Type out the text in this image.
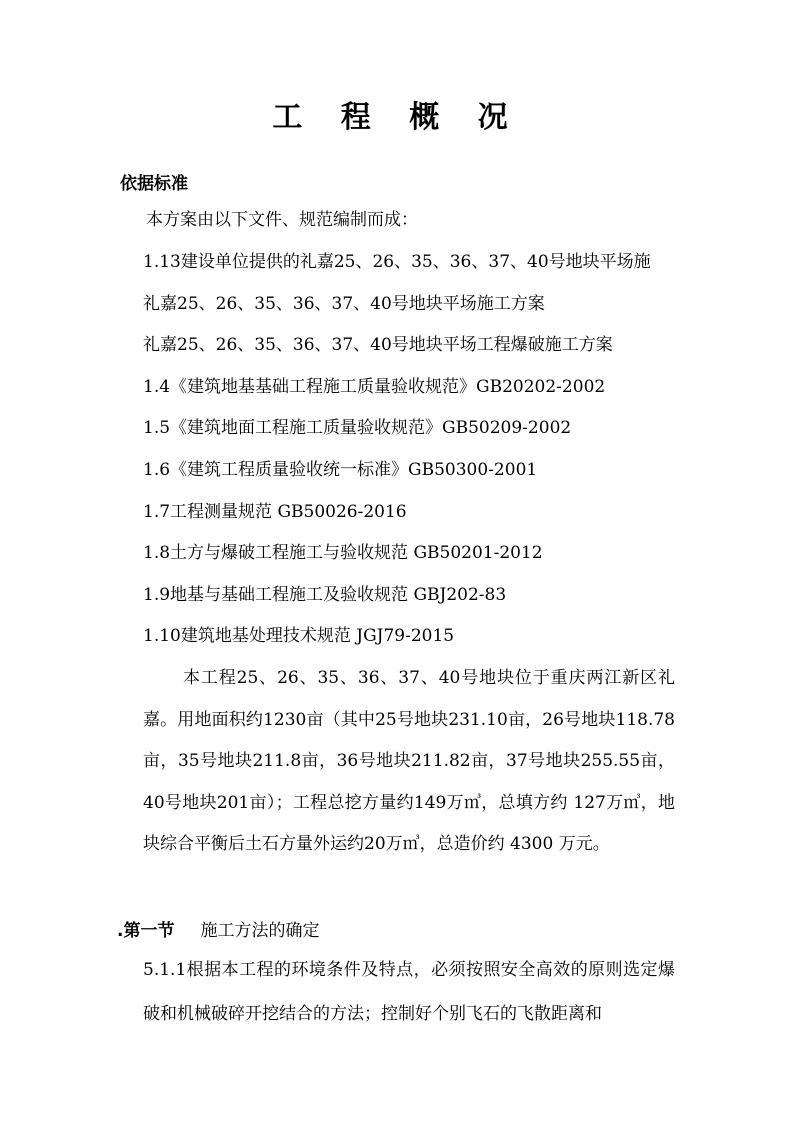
工 程 概 况
依据标准
本方案由以下文件、规范编制而成：
1.13建设单位提供的礼嘉25、26、35、36、37、40号地块平场施
礼嘉25、26、35、36、37、40号地块平场施工方案
礼嘉25、26、35、36、37、40号地块平场工程爆破施工方案
1.4《建筑地基基础工程施工质量验收规范》GB20202-2002
1.5《建筑地面工程施工质量验收规范》GB50209-2002
1.6《建筑工程质量验收统一标准》GB50300-2001
1.7工程测量规范 GB50026-2016
1.8土方与爆破工程施工与验收规范 GB50201-2012
1.9地基与基础工程施工及验收规范 GBJ202-83
1.10建筑地基处理技术规范 JGJ79-2015
本工程25、26、35、36、37、40号地块位于重庆两江新区礼嘉。用地面积约1230亩（其中25号地块231.10亩，26号地块118.78亩，35号地块211.8亩，36号地块211.82亩，37号地块255.55亩，40号地块201亩）；工程总挖方量约149万㎥，总填方约 127万㎥，地块综合平衡后土石方量外运约20万㎥，总造价约 4300 万元。
.第一节 施工方法的确定
5.1.1根据本工程的环境条件及特点，必须按照安全高效的原则选定爆破和机械破碎开挖结合的方法；控制好个别飞石的飞散距离和
